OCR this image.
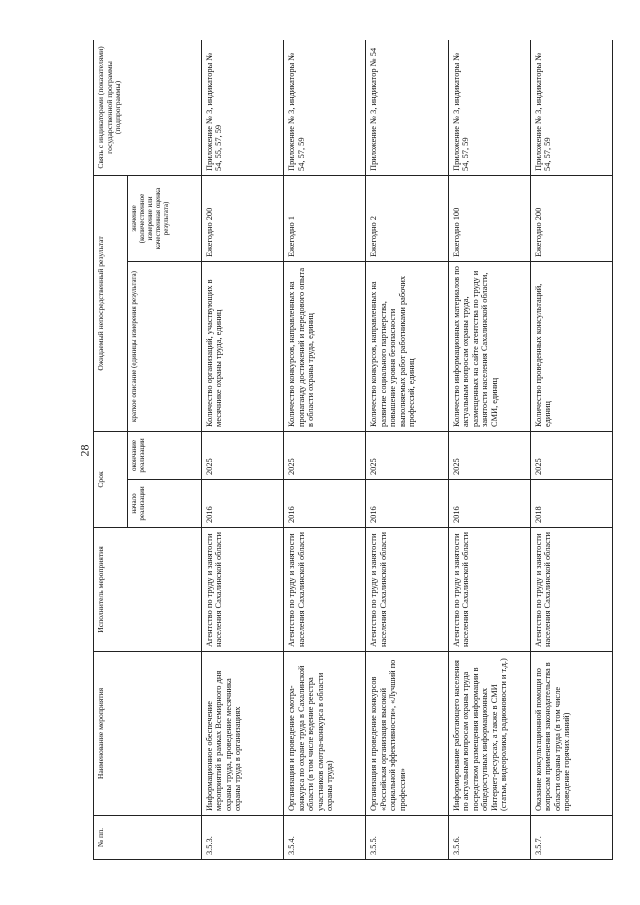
28
№ пп.	Наименование мероприятия	Исполнитель мероприятия	Срок		Ожидаемый непосредственный результат		Связь с индикаторами (показателями) государственной программы (подпрограммы)
			начало реализации	окончание реализации	краткое описание (единицы измерения результата)	значение (количественное измерение или качественная оценка результата)	
3.5.3.	Информационное обеспечение мероприятий в рамках Всемирного дня охраны труда, проведение месячника охраны труда в организациях	Агентство по труду и занятости населения Сахалинской области	2016	2025	Количество организаций, участвующих в месячнике охраны труда, единиц	Ежегодно 200	Приложение № 3, индикаторы № 54, 55, 57, 59
3.5.4.	Организация и проведение смотра-конкурса по охране труда в Сахалинской области (в том числе ведение реестра участников смотра-конкурса в области охраны труда)	Агентство по труду и занятости населения Сахалинской области	2016	2025	Количество конкурсов, направленных на пропаганду достижений и передового опыта в области охраны труда, единиц	Ежегодно 1	Приложение № 3, индикаторы № 54, 57, 59
3.5.5.	Организация и проведение конкурсов «Российская организация высокой социальной эффективности», «Лучший по профессии»	Агентство по труду и занятости населения Сахалинской области	2016	2025	Количество конкурсов, направленных на развитие социального партнерства, повышение уровня безопасности выполняемых работ работниками рабочих профессий, единиц	Ежегодно 2	Приложение № 3, индикатор № 54
3.5.6.	Информирование работающего населения по актуальным вопросам охраны труда посредством размещения информации в общедоступных информационных Интернет-ресурсах, а также в СМИ (статьи, видеоролики, радионовости и т.д.)	Агентство по труду и занятости населения Сахалинской области	2016	2025	Количество информационных материалов по актуальным вопросам охраны труда, размещенных на сайте агентства по труду и занятости населения Сахалинской области, СМИ, единиц	Ежегодно 100	Приложение № 3, индикаторы № 54, 57, 59
3.5.7.	Оказание консультационной помощи по вопросам применения законодательства в области охраны труда (в том числе проведение горячих линий)	Агентство по труду и занятости населения Сахалинской области	2018	2025	Количество проведенных консультаций, единиц	Ежегодно 200	Приложение № 3, индикаторы № 54, 57, 59
